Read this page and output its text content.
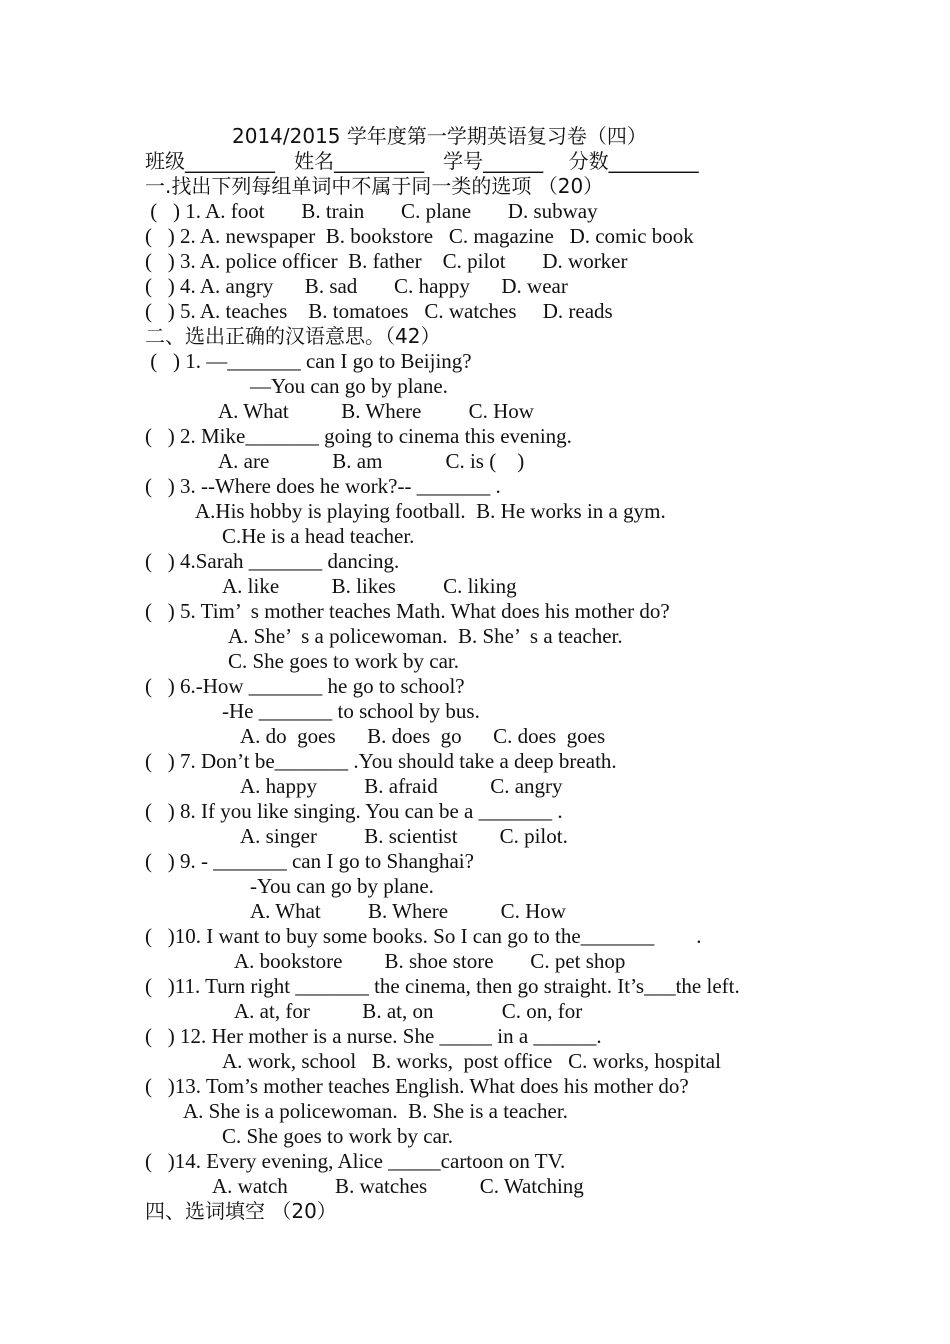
2014/2015 学年度第一学期英语复习卷（四）
班级_________   姓名_________   学号______    分数_________
一.找出下列每组单词中不属于同一类的选项 （20）
(   ) 1. A. foot       B. train       C. plane       D. subway
(   ) 2. A. newspaper  B. bookstore   C. magazine   D. comic book
(   ) 3. A. police officer  B. father    C. pilot       D. worker
(   ) 4. A. angry      B. sad       C. happy      D. wear
(   ) 5. A. teaches    B. tomatoes   C. watches     D. reads
二、选出正确的汉语意思。（42）
(   ) 1. —_______ can I go to Beijing?
—You can go by plane.
A. What          B. Where         C. How
(   ) 2. Mike_______ going to cinema this evening.
A. are            B. am            C. is (    )
(   ) 3. --Where does he work?-- _______ .
A.His hobby is playing football.  B. He works in a gym.
C.He is a head teacher.
(   ) 4.Sarah _______ dancing.
A. like          B. likes         C. liking
(   ) 5. Tim’  s mother teaches Math. What does his mother do?
A. She’  s a policewoman.  B. She’  s a teacher.
C. She goes to work by car.
(   ) 6.-How _______ he go to school?
-He _______ to school by bus.
A. do  goes      B. does  go      C. does  goes
(   ) 7. Don’t be_______ .You should take a deep breath.
A. happy         B. afraid          C. angry
(   ) 8. If you like singing. You can be a _______ .
A. singer         B. scientist        C. pilot.
(   ) 9. - _______ can I go to Shanghai?
-You can go by plane.
A. What         B. Where          C. How
(   )10. I want to buy some books. So I can go to the_______        .
A. bookstore        B. shoe store       C. pet shop
(   )11. Turn right _______ the cinema, then go straight. It’s___the left.
A. at, for          B. at, on             C. on, for
(   ) 12. Her mother is a nurse. She _____ in a ______.
A. work, school   B. works,  post office   C. works, hospital
(   )13. Tom’s mother teaches English. What does his mother do?
A. She is a policewoman.  B. She is a teacher.
C. She goes to work by car.
(   )14. Every evening, Alice _____cartoon on TV.
A. watch         B. watches          C. Watching
四、选词填空 （20）
